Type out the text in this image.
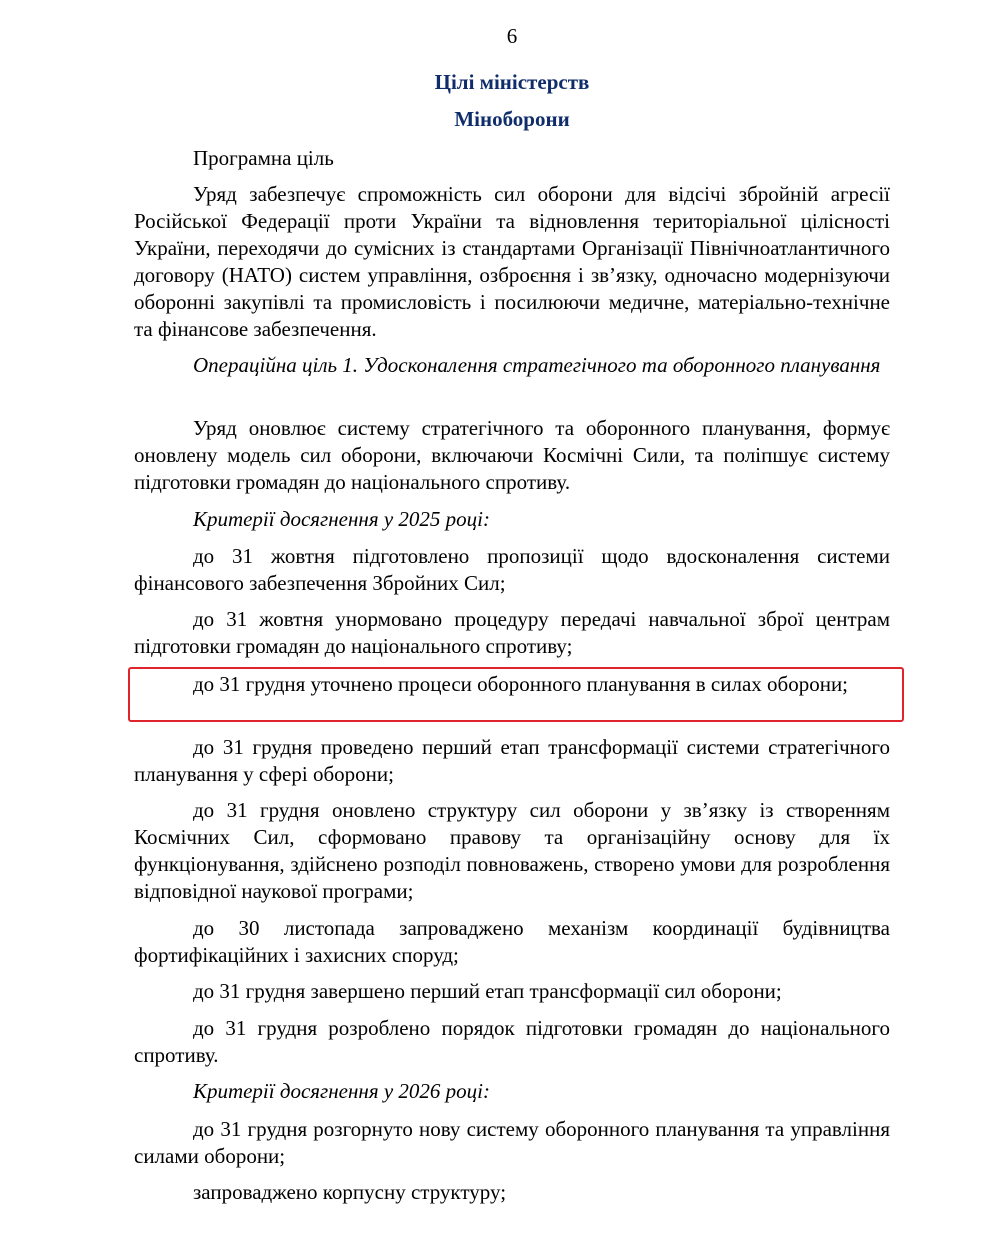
6
Цілі міністерств
Міноборони

Програмна ціль

Уряд забезпечує спроможність сил оборони для відсічі збройній агресії Російської Федерації проти України та відновлення територіальної цілісності України, переходячи до сумісних із стандартами Організації Північноатлантичного договору (НАТО) систем управління, озброєння і зв’язку, одночасно модернізуючи оборонні закупівлі та промисловість і посилюючи медичне, матеріально-технічне та фінансове забезпечення.

Операційна ціль 1. Удосконалення стратегічного та оборонного планування

Уряд оновлює систему стратегічного та оборонного планування, формує оновлену модель сил оборони, включаючи Космічні Сили, та поліпшує систему підготовки громадян до національного спротиву.

Критерії досягнення у 2025 році:

до 31 жовтня підготовлено пропозиції щодо вдосконалення системи фінансового забезпечення Збройних Сил;

до 31 жовтня унормовано процедуру передачі навчальної зброї центрам підготовки громадян до національного спротиву;

до 31 грудня уточнено процеси оборонного планування в силах оборони;

до 31 грудня проведено перший етап трансформації системи стратегічного планування у сфері оборони;

до 31 грудня оновлено структуру сил оборони у зв’язку із створенням Космічних Сил, сформовано правову та організаційну основу для їх функціонування, здійснено розподіл повноважень, створено умови для розроблення відповідної наукової програми;

до 30 листопада запроваджено механізм координації будівництва фортифікаційних і захисних споруд;

до 31 грудня завершено перший етап трансформації сил оборони;

до 31 грудня розроблено порядок підготовки громадян до національного спротиву.

Критерії досягнення у 2026 році:

до 31 грудня розгорнуто нову систему оборонного планування та управління силами оборони;

запроваджено корпусну структуру;
